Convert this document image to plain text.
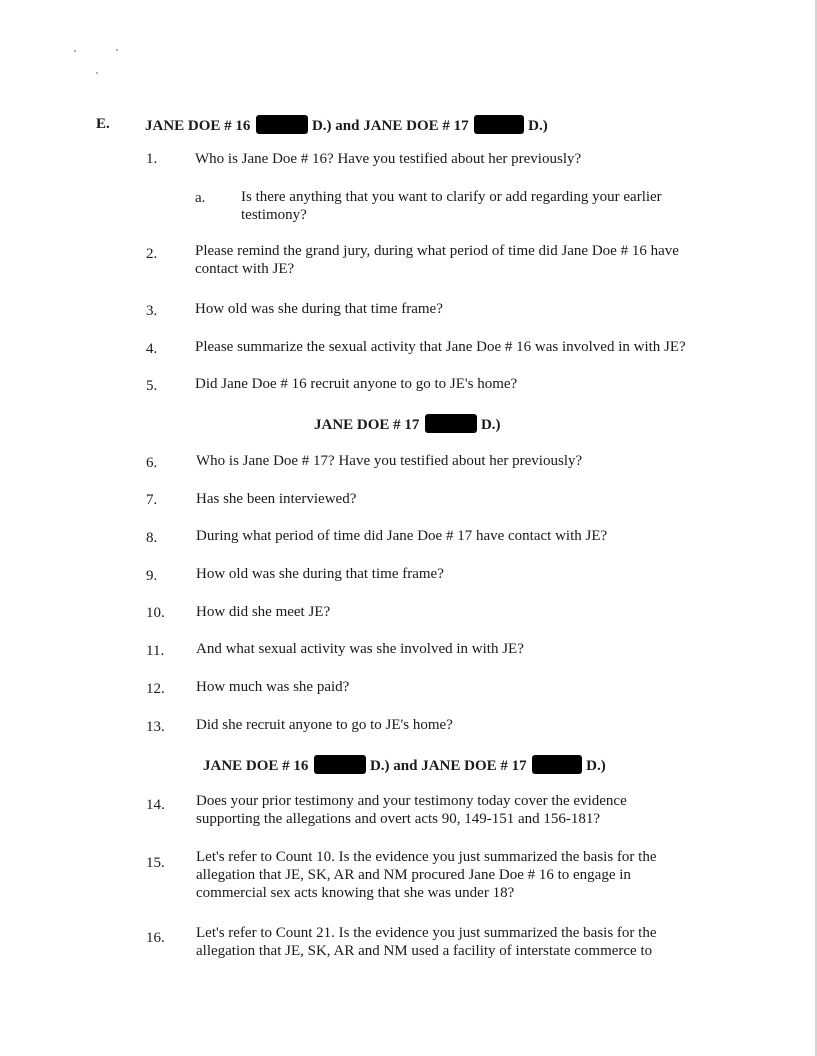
E. JANE DOE # 16	D.) and JANE DOE # 17	D.)
1.	Who is Jane Doe # 16? Have you testified about her previously?
a. Is there anything that you want to clarify or add regarding your earlier
testimony?
2.	Please remind the grand jury, during what period of time did Jane Doe # 16 have
contact with JE?
3.	How old was she during that time frame?
4.	Please summarize the sexual activity that Jane Doe # 16 was involved in with JE?
5.	Did Jane Doe # 16 recruit anyone to go to JE's home?
JANE DOE # 17	D.)
6.	Who is Jane Doe # 17? Have you testified about her previously?
7.	Has she been interviewed?
8.	During what period of time did Jane Doe # 17 have contact with JE?
9.	How old was she during that time frame?
10. How did she meet JE?
11. And what sexual activity was she involved in with JE?
12. How much was she paid?
13. Did she recruit anyone to go to JE's home?
JANE DOE # 16	D.) and JANE DOE # 17	D.)
14. Does your prior testimony and your testimony today cover the evidence
supporting the allegations and overt acts 90, 149-151 and 156-181?
15. Let's refer to Count 10. Is the evidence you just summarized the basis for the
allegation that JE, SK, AR and NM procured Jane Doe # 16 to engage in
commercial sex acts knowing that she was under 18?
16. Let's refer to Count 21. Is the evidence you just summarized the basis for the
allegation that JE, SK, AR and NM used a facility of interstate commerce to
